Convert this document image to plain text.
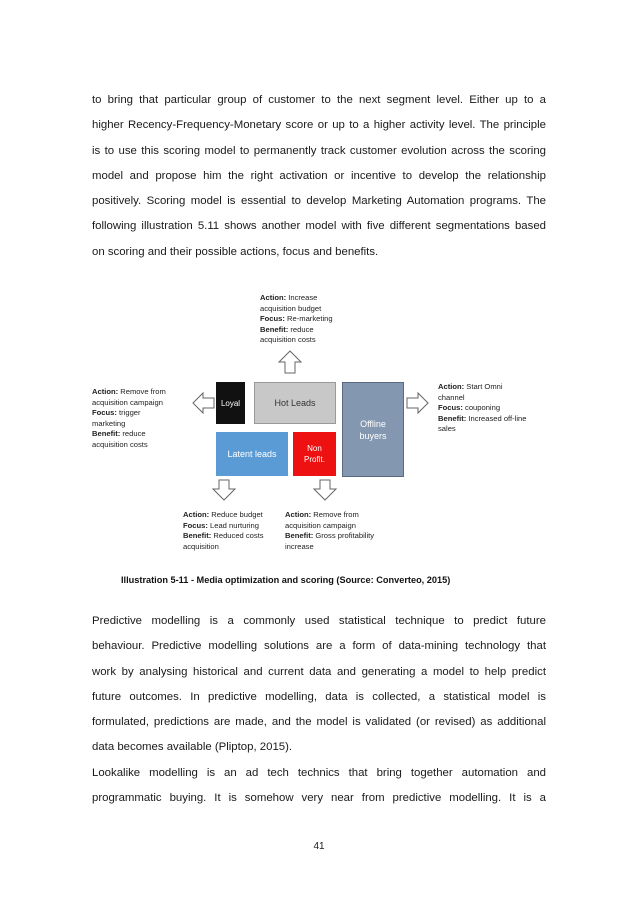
to bring that particular group of customer to the next segment level. Either up to a
higher Recency-Frequency-Monetary score or up to a higher activity level. The principle
is to use this scoring model to permanently track customer evolution across the scoring
model and propose him the right activation or incentive to develop the relationship
positively. Scoring model is essential to develop Marketing Automation programs. The
following illustration 5.11 shows another model with five different segmentations based
on scoring and their possible actions, focus and benefits.
Loyal	Hot Leads
Offline buyers
Latent leads
Non Profit.
Action: Increase
acquisition budget
Focus: Re-marketing
Benefit: reduce
acquisition costs
Action: Remove from
acquisition campaign
Focus: trigger
marketing
Benefit: reduce
acquisition costs
Action: Start Omni channel
Focus: couponing
Benefit: Increased off-line
sales
Action: Reduce budget
Focus: Lead nurturing
Benefit: Reduced costs
acquisition
Action: Remove from
acquisition campaign
Benefit: Gross profitability
increase
Illustration 5-11 - Media optimization and scoring (Source: Converteo, 2015)
Predictive modelling is a commonly used statistical technique to predict future
behaviour. Predictive modelling solutions are a form of data-mining technology that
work by analysing historical and current data and generating a model to help predict
future outcomes. In predictive modelling, data is collected, a statistical model is
formulated, predictions are made, and the model is validated (or revised) as additional
data becomes available (Pliptop, 2015).
Lookalike modelling is an ad tech technics that bring together automation and
programmatic buying. It is somehow very near from predictive modelling. It is a
41
